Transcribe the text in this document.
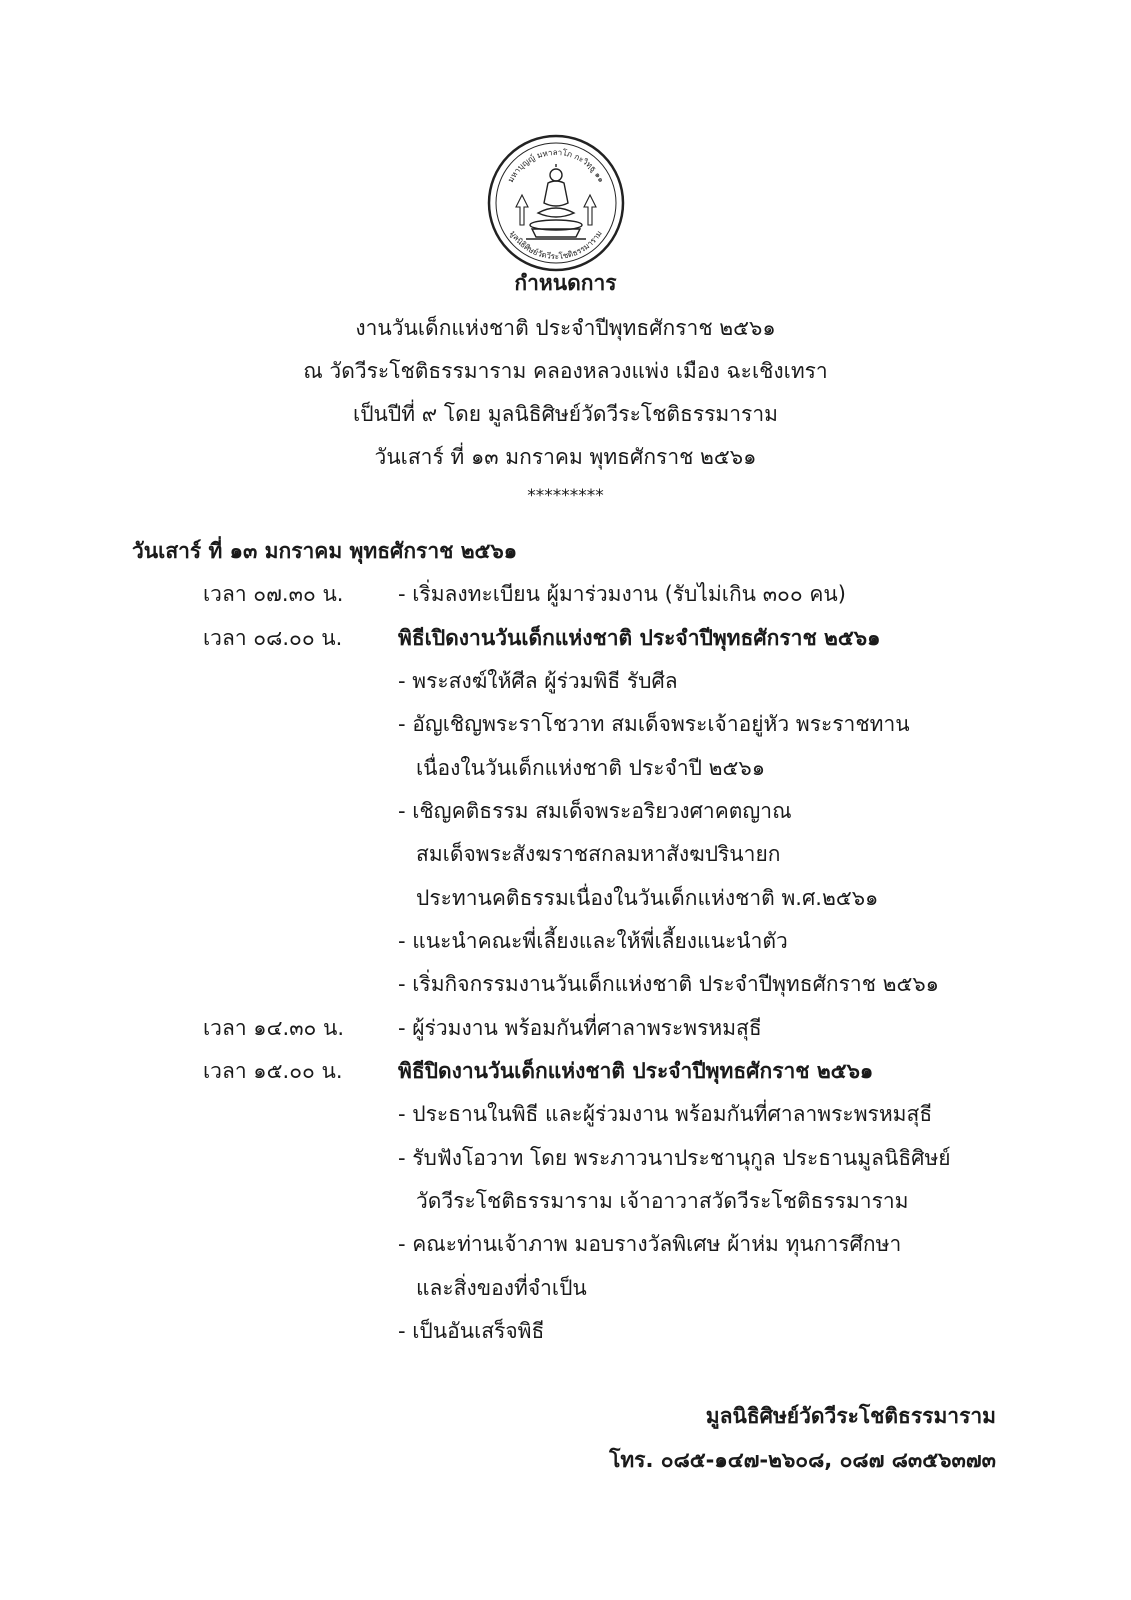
มหาบุญญ์ มหาลาโภ กะวิทฺธู ๑๑
มูลนิธิศิษย์วัดวีระโชติธรรมาราม
กำหนดการ
งานวันเด็กแห่งชาติ ประจำปีพุทธศักราช ๒๕๖๑
ณ วัดวีระโชติธรรมาราม คลองหลวงแพ่ง เมือง ฉะเชิงเทรา
เป็นปีที่ ๙ โดย มูลนิธิศิษย์วัดวีระโชติธรรมาราม
วันเสาร์ ที่ ๑๓ มกราคม พุทธศักราช ๒๕๖๑
*********
วันเสาร์ ที่ ๑๓ มกราคม พุทธศักราช ๒๕๖๑
เวลา ๐๗.๓๐ น.	- เริ่มลงทะเบียน ผู้มาร่วมงาน (รับไม่เกิน ๓๐๐ คน)
เวลา ๐๘.๐๐ น.	พิธีเปิดงานวันเด็กแห่งชาติ ประจำปีพุทธศักราช ๒๕๖๑
- พระสงฆ์ให้ศีล ผู้ร่วมพิธี รับศีล
- อัญเชิญพระราโชวาท สมเด็จพระเจ้าอยู่หัว พระราชทาน
เนื่องในวันเด็กแห่งชาติ ประจำปี ๒๕๖๑
- เชิญคติธรรม สมเด็จพระอริยวงศาคตญาณ
สมเด็จพระสังฆราชสกลมหาสังฆปรินายก
ประทานคติธรรมเนื่องในวันเด็กแห่งชาติ พ.ศ.๒๕๖๑
- แนะนำคณะพี่เลี้ยงและให้พี่เลี้ยงแนะนำตัว
- เริ่มกิจกรรมงานวันเด็กแห่งชาติ ประจำปีพุทธศักราช ๒๕๖๑
เวลา ๑๔.๓๐ น.	- ผู้ร่วมงาน พร้อมกันที่ศาลาพระพรหมสุธี
เวลา ๑๕.๐๐ น.	พิธีปิดงานวันเด็กแห่งชาติ ประจำปีพุทธศักราช ๒๕๖๑
- ประธานในพิธี และผู้ร่วมงาน พร้อมกันที่ศาลาพระพรหมสุธี
- รับฟังโอวาท โดย พระภาวนาประชานุกูล ประธานมูลนิธิศิษย์
วัดวีระโชติธรรมาราม เจ้าอาวาสวัดวีระโชติธรรมาราม
- คณะท่านเจ้าภาพ มอบรางวัลพิเศษ ผ้าห่ม ทุนการศึกษา
และสิ่งของที่จำเป็น
- เป็นอันเสร็จพิธี
มูลนิธิศิษย์วัดวีระโชติธรรมาราม
โทร. ๐๘๕-๑๔๗-๒๖๐๘, ๐๘๗ ๘๓๕๖๓๗๓
